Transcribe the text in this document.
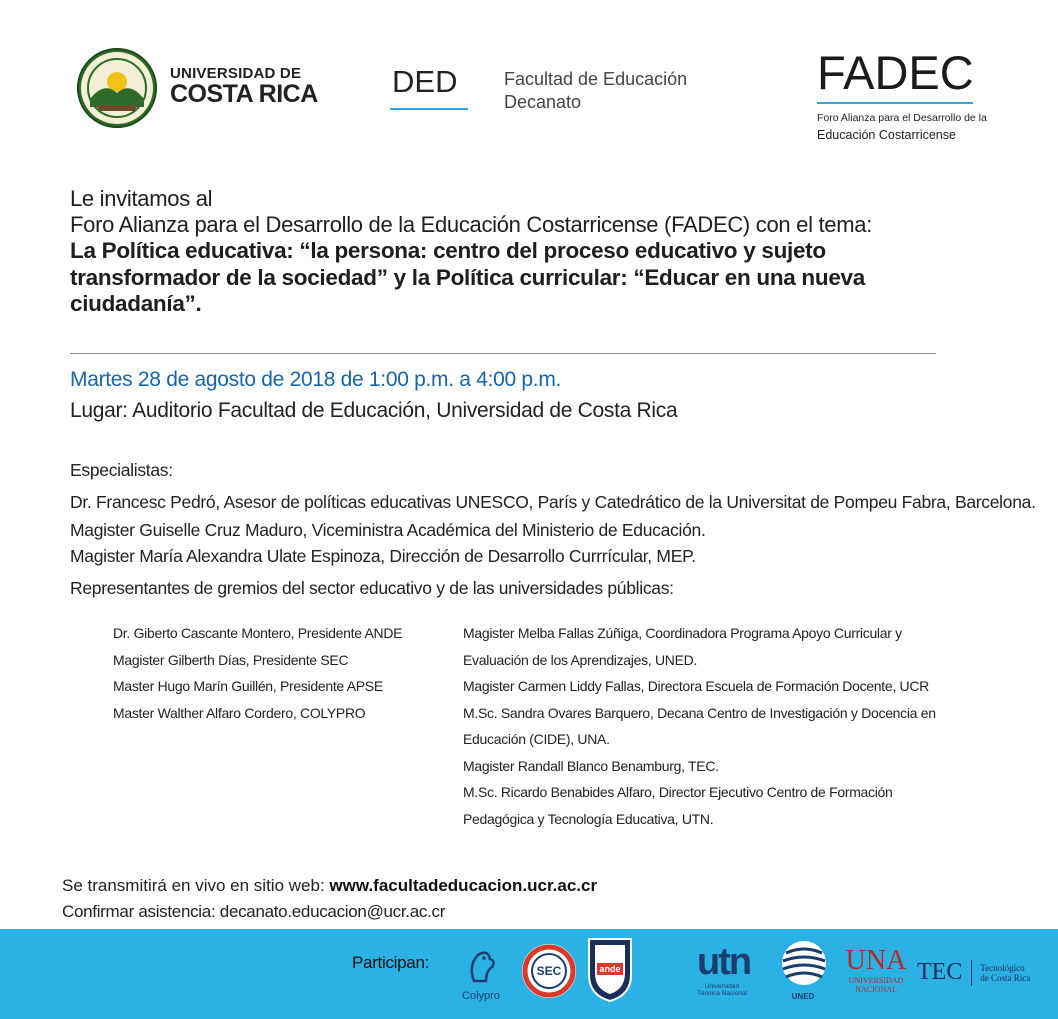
UNIVERSIDAD DE
COSTA RICA DED	Facultad de Educación
Decanato
FADEC
Foro Alianza para el Desarrollo de la
Educación Costarricense
Le invitamos al
Foro Alianza para el Desarrollo de la Educación Costarricense (FADEC) con el tema:
La Política educativa: “la persona: centro del proceso educativo y sujeto transformador de la sociedad” y la Política curricular: “Educar en una nueva ciudadanía”.
Martes 28 de agosto de 2018 de 1:00 p.m. a 4:00 p.m.
Lugar: Auditorio Facultad de Educación, Universidad de Costa Rica
Especialistas:
Dr. Francesc Pedró, Asesor de políticas educativas UNESCO, París y Catedrático de la Universitat de Pompeu Fabra, Barcelona.
Magister Guiselle Cruz Maduro, Viceministra Académica del Ministerio de Educación.
Magister María Alexandra Ulate Espinoza, Dirección de Desarrollo Currrícular, MEP.
Representantes de gremios del sector educativo y de las universidades públicas:
Dr. Giberto Cascante Montero, Presidente ANDE
Magister Gilberth Días, Presidente SEC
Master Hugo Marín Guillén, Presidente APSE
Master Walther Alfaro Cordero, COLYPRO
Magister Melba Fallas Zúñiga, Coordinadora Programa Apoyo Curricular y
Evaluación de los Aprendizajes, UNED.
Magister Carmen Liddy Fallas, Directora Escuela de Formación Docente, UCR
M.Sc. Sandra Ovares Barquero, Decana Centro de Investigación y Docencia en
Educación (CIDE), UNA.
Magister Randall Blanco Benamburg, TEC.
M.Sc. Ricardo Benabides Alfaro, Director Ejecutivo Centro de Formación
Pedagógica y Tecnología Educativa, UTN.
Se transmitirá en vivo en sitio web: www.facultadeducacion.ucr.ac.cr
Confirmar asistencia: decanato.educacion@ucr.ac.cr
Participan:
Colypro
SEC	ande utn
Universidad
Técnica Nacional	UNED
UNA
UNIVERSIDAD
NACIONAL
TEC Tecnológico
de Costa Rica
